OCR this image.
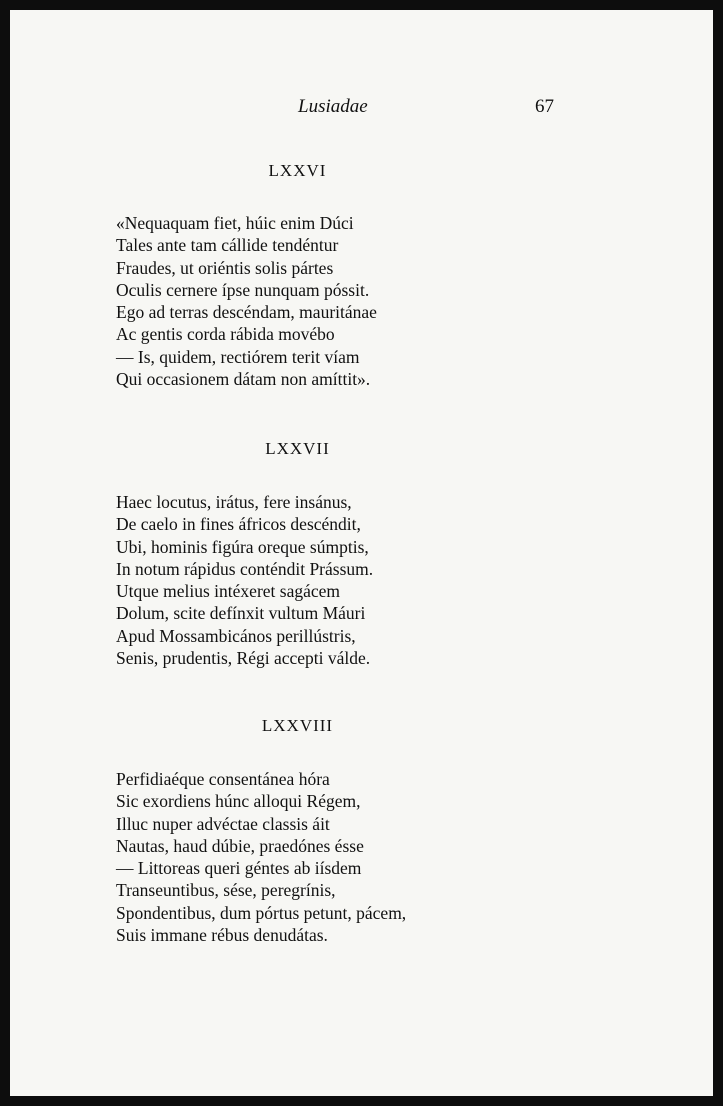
Lusiadae	67
LXXVI
«Nequaquam fiet, húic enim Dúci
Tales ante tam cállide tendéntur
Fraudes, ut oriéntis solis pártes
Oculis cernere ípse nunquam póssit.
Ego ad terras descéndam, mauritánae
Ac gentis corda rábida movébo
— Is, quidem, rectiórem terit víam
Qui occasionem dátam non amíttit».
LXXVII
Haec locutus, irátus, fere insánus,
De caelo in fines áfricos descéndit,
Ubi, hominis figúra oreque súmptis,
In notum rápidus conténdit Prássum.
Utque melius intéxeret sagácem
Dolum, scite defínxit vultum Máuri
Apud Mossambicános perillústris,
Senis, prudentis, Régi accepti válde.
LXXVIII
Perfidiaéque consentánea hóra
Sic exordiens húnc alloqui Régem,
Illuc nuper advéctae classis áit
Nautas, haud dúbie, praedónes ésse
— Littoreas queri géntes ab iísdem
Transeuntibus, sése, peregrínis,
Spondentibus, dum pórtus petunt, pácem,
Suis immane rébus denudátas.
